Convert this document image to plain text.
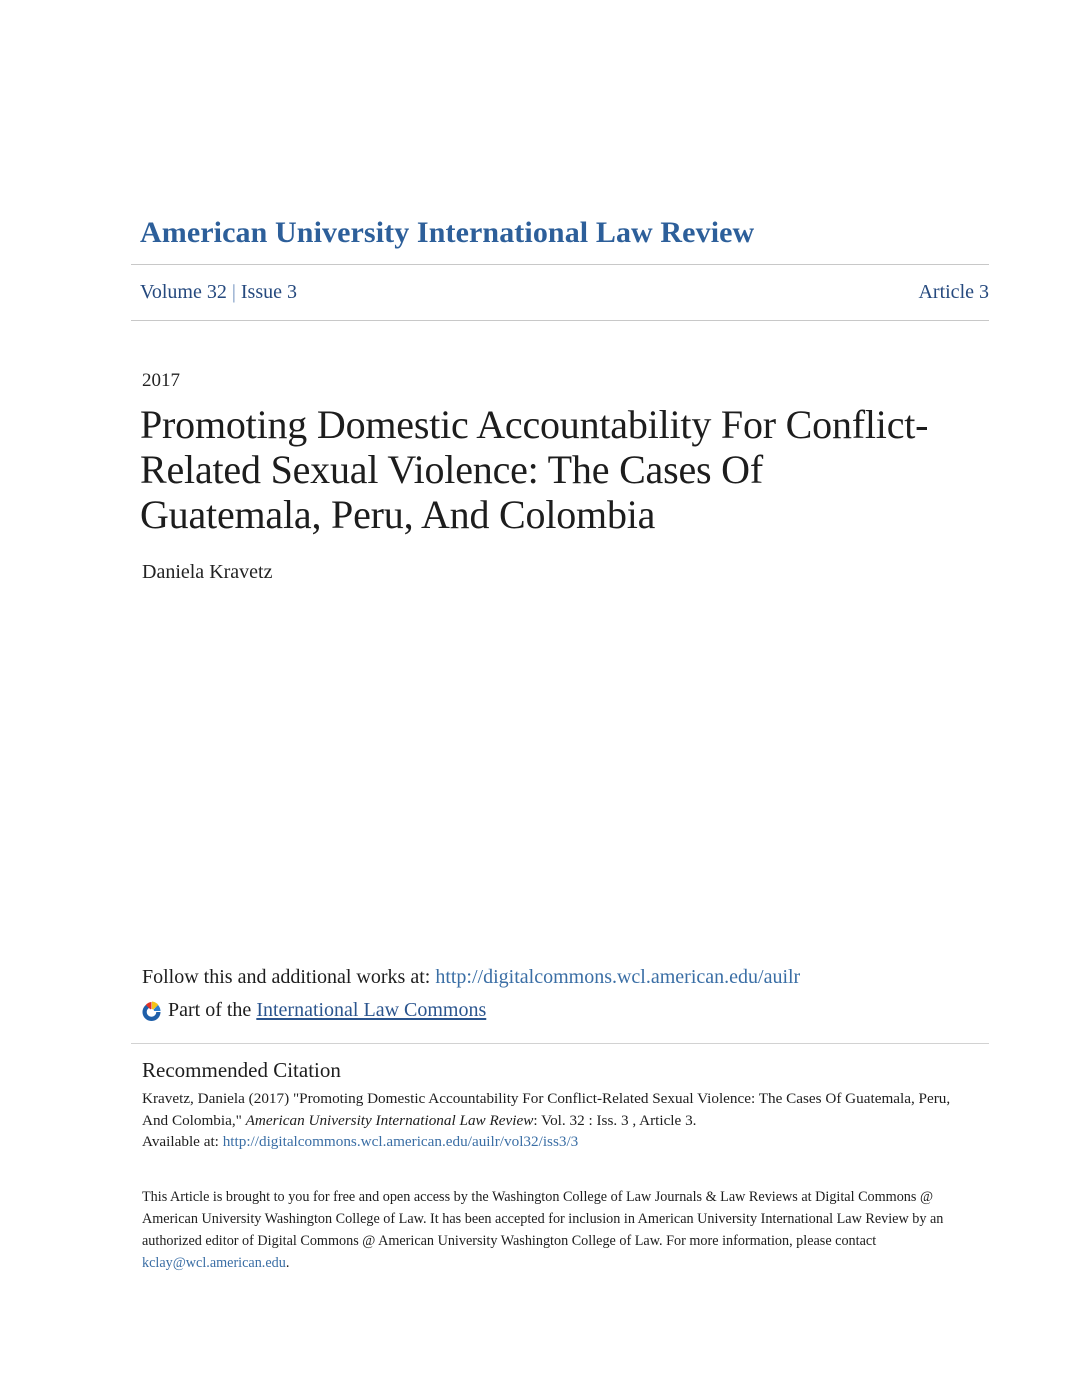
American University International Law Review
Volume 32 | Issue 3	Article 3
2017
Promoting Domestic Accountability For Conflict-Related Sexual Violence: The Cases Of Guatemala, Peru, And Colombia
Daniela Kravetz
Follow this and additional works at: http://digitalcommons.wcl.american.edu/auilr
Part of the
International Law Commons
Recommended Citation
Kravetz, Daniela (2017) "Promoting Domestic Accountability For Conflict-Related Sexual Violence: The Cases Of Guatemala, Peru, And Colombia," American University International Law Review: Vol. 32 : Iss. 3 , Article 3.
Available at: http://digitalcommons.wcl.american.edu/auilr/vol32/iss3/3
This Article is brought to you for free and open access by the Washington College of Law Journals & Law Reviews at Digital Commons @ American University Washington College of Law. It has been accepted for inclusion in American University International Law Review by an authorized editor of Digital Commons @ American University Washington College of Law. For more information, please contact kclay@wcl.american.edu.
